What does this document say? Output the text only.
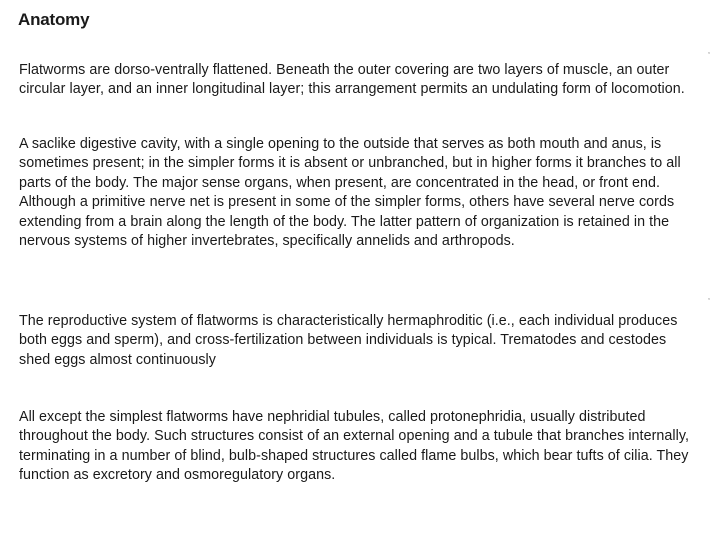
Anatomy

Flatworms are dorso-ventrally flattened. Beneath the outer covering are two layers of muscle, an outer circular layer, and an inner longitudinal layer; this arrangement permits an undulating form of locomotion.

A saclike digestive cavity, with a single opening to the outside that serves as both mouth and anus, is sometimes present; in the simpler forms it is absent or unbranched, but in higher forms it branches to all parts of the body. The major sense organs, when present, are concentrated in the head, or front end. Although a primitive nerve net is present in some of the simpler forms, others have several nerve cords extending from a brain along the length of the body. The latter pattern of organization is retained in the nervous systems of higher invertebrates, specifically annelids and arthropods.

The reproductive system of flatworms is characteristically hermaphroditic (i.e., each individual produces both eggs and sperm), and cross-fertilization between individuals is typical. Trematodes and cestodes shed eggs almost continuously

All except the simplest flatworms have nephridial tubules, called protonephridia, usually distributed throughout the body. Such structures consist of an external opening and a tubule that branches internally, terminating in a number of blind, bulb-shaped structures called flame bulbs, which bear tufts of cilia. They function as excretory and osmoregulatory organs.

,
,
